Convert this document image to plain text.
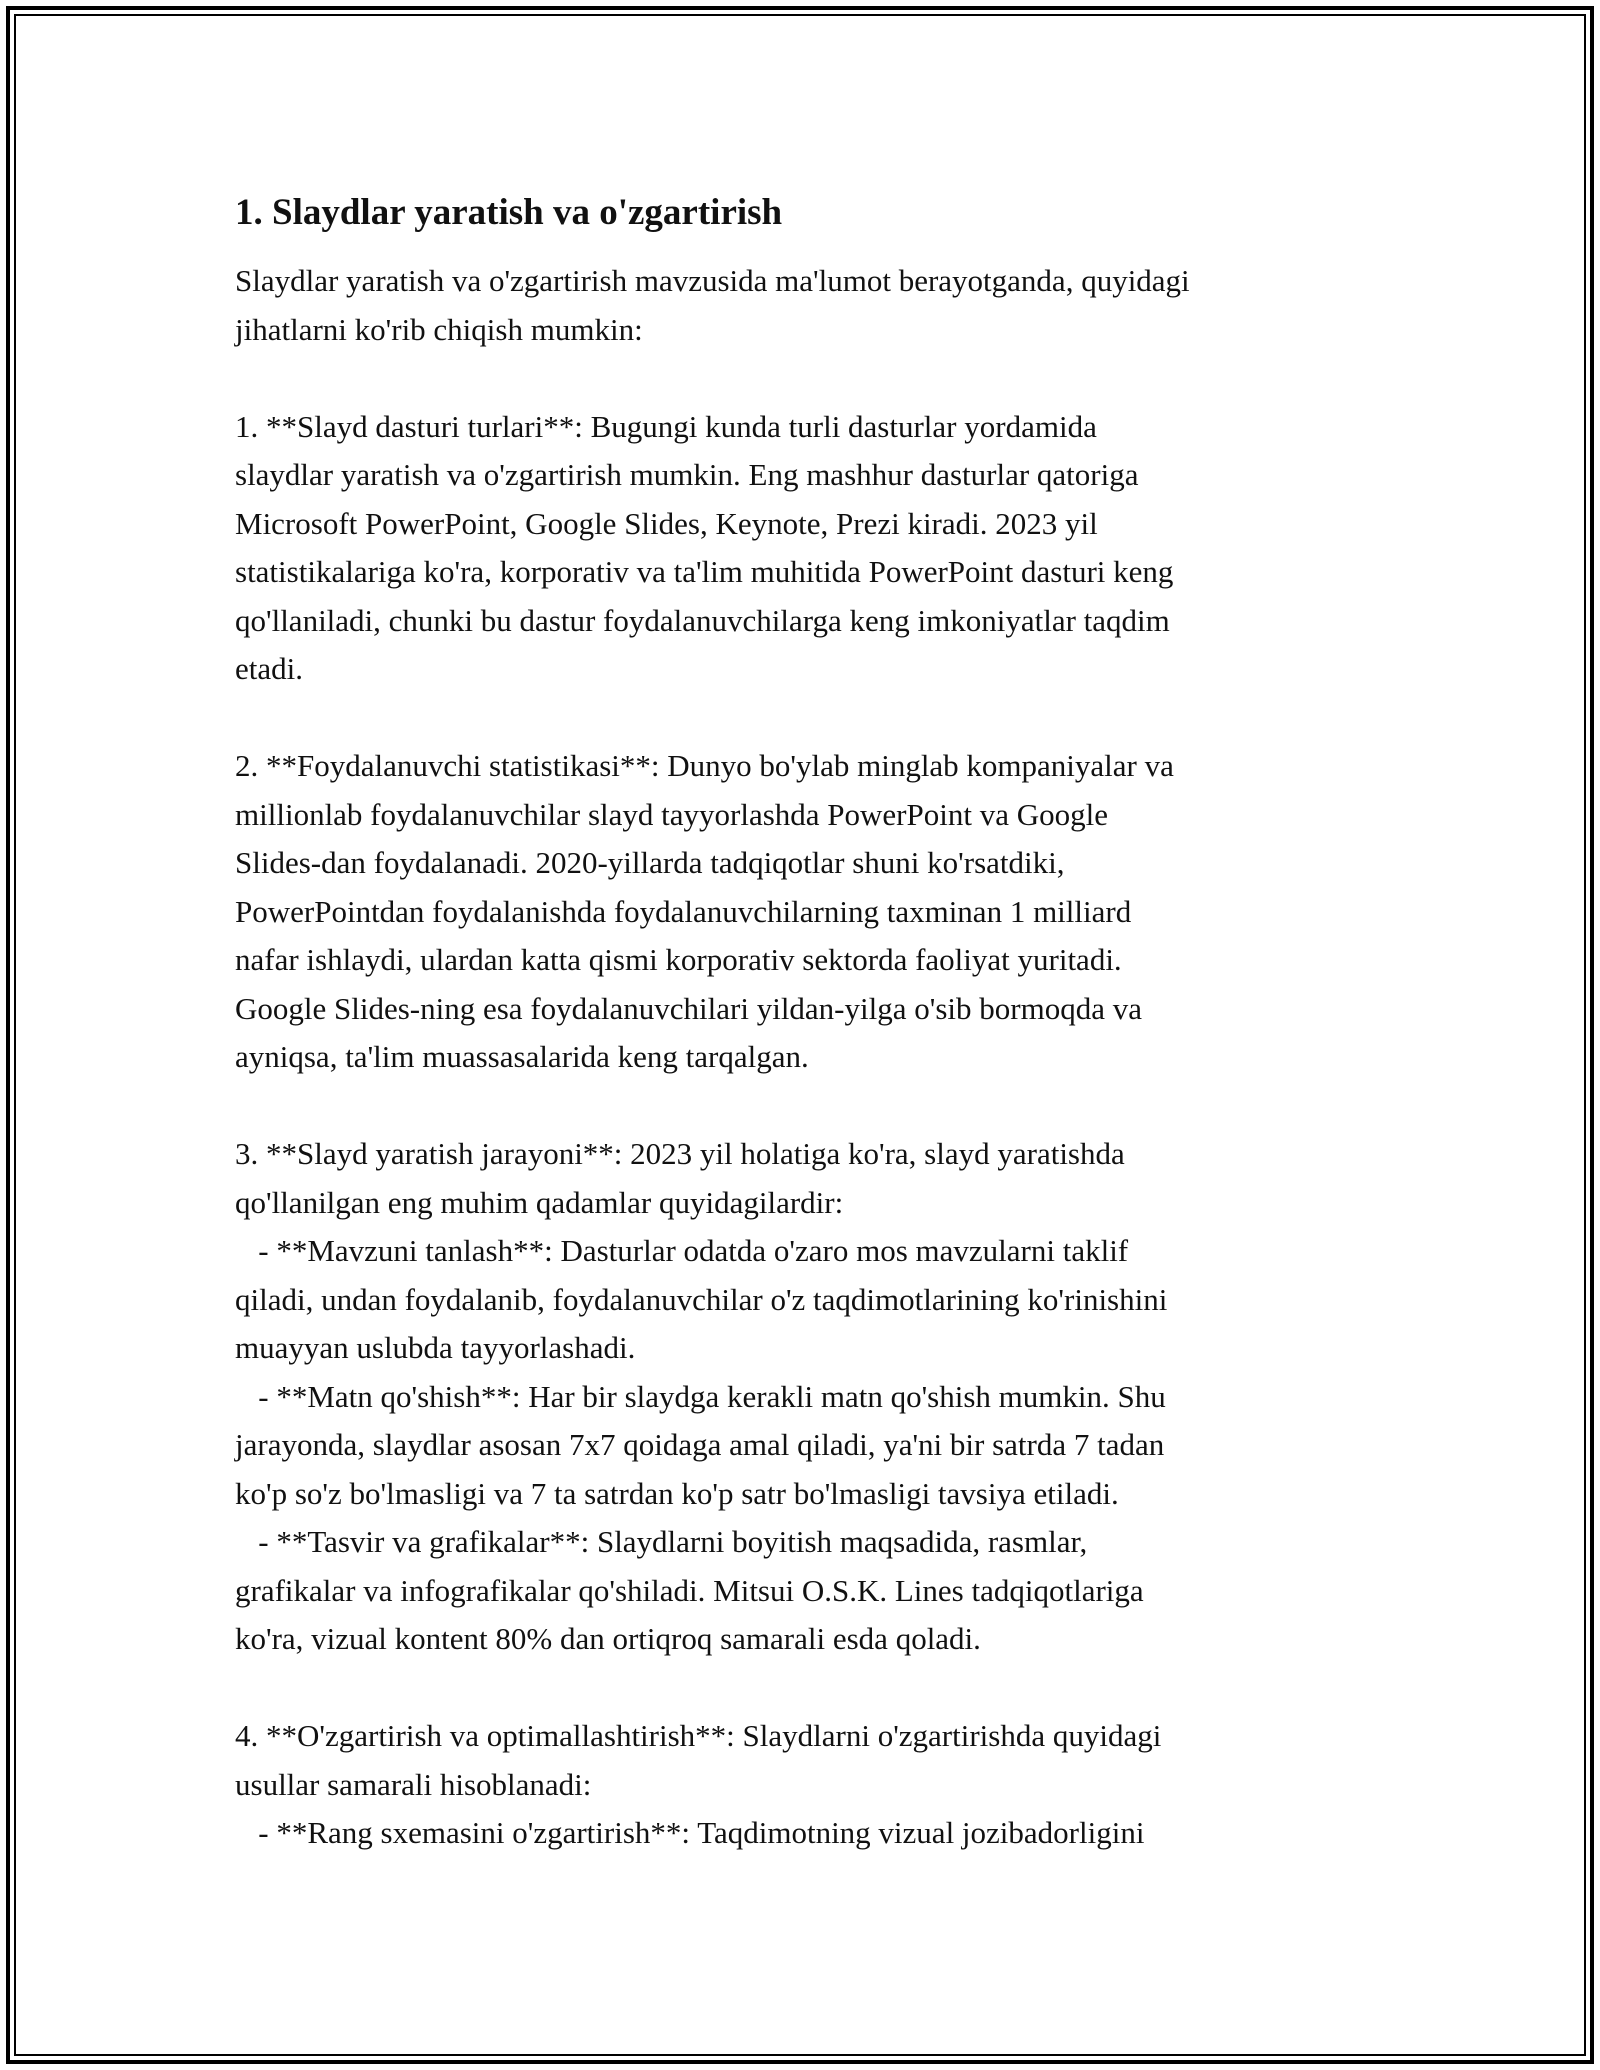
1. Slaydlar yaratish va o'zgartirish
Slaydlar yaratish va o'zgartirish mavzusida ma'lumot berayotganda, quyidagi
jihatlarni ko'rib chiqish mumkin:
1. **Slayd dasturi turlari**: Bugungi kunda turli dasturlar yordamida
slaydlar yaratish va o'zgartirish mumkin. Eng mashhur dasturlar qatoriga
Microsoft PowerPoint, Google Slides, Keynote, Prezi kiradi. 2023 yil
statistikalariga ko'ra, korporativ va ta'lim muhitida PowerPoint dasturi keng
qo'llaniladi, chunki bu dastur foydalanuvchilarga keng imkoniyatlar taqdim
etadi.
2. **Foydalanuvchi statistikasi**: Dunyo bo'ylab minglab kompaniyalar va
millionlab foydalanuvchilar slayd tayyorlashda PowerPoint va Google
Slides-dan foydalanadi. 2020-yillarda tadqiqotlar shuni ko'rsatdiki,
PowerPointdan foydalanishda foydalanuvchilarning taxminan 1 milliard
nafar ishlaydi, ulardan katta qismi korporativ sektorda faoliyat yuritadi.
Google Slides-ning esa foydalanuvchilari yildan-yilga o'sib bormoqda va
ayniqsa, ta'lim muassasalarida keng tarqalgan.
3. **Slayd yaratish jarayoni**: 2023 yil holatiga ko'ra, slayd yaratishda
qo'llanilgan eng muhim qadamlar quyidagilardir:
- **Mavzuni tanlash**: Dasturlar odatda o'zaro mos mavzularni taklif
qiladi, undan foydalanib, foydalanuvchilar o'z taqdimotlarining ko'rinishini
muayyan uslubda tayyorlashadi.
- **Matn qo'shish**: Har bir slaydga kerakli matn qo'shish mumkin. Shu
jarayonda, slaydlar asosan 7x7 qoidaga amal qiladi, ya'ni bir satrda 7 tadan
ko'p so'z bo'lmasligi va 7 ta satrdan ko'p satr bo'lmasligi tavsiya etiladi.
- **Tasvir va grafikalar**: Slaydlarni boyitish maqsadida, rasmlar,
grafikalar va infografikalar qo'shiladi. Mitsui O.S.K. Lines tadqiqotlariga
ko'ra, vizual kontent 80% dan ortiqroq samarali esda qoladi.
4. **O'zgartirish va optimallashtirish**: Slaydlarni o'zgartirishda quyidagi
usullar samarali hisoblanadi:
- **Rang sxemasini o'zgartirish**: Taqdimotning vizual jozibadorligini
